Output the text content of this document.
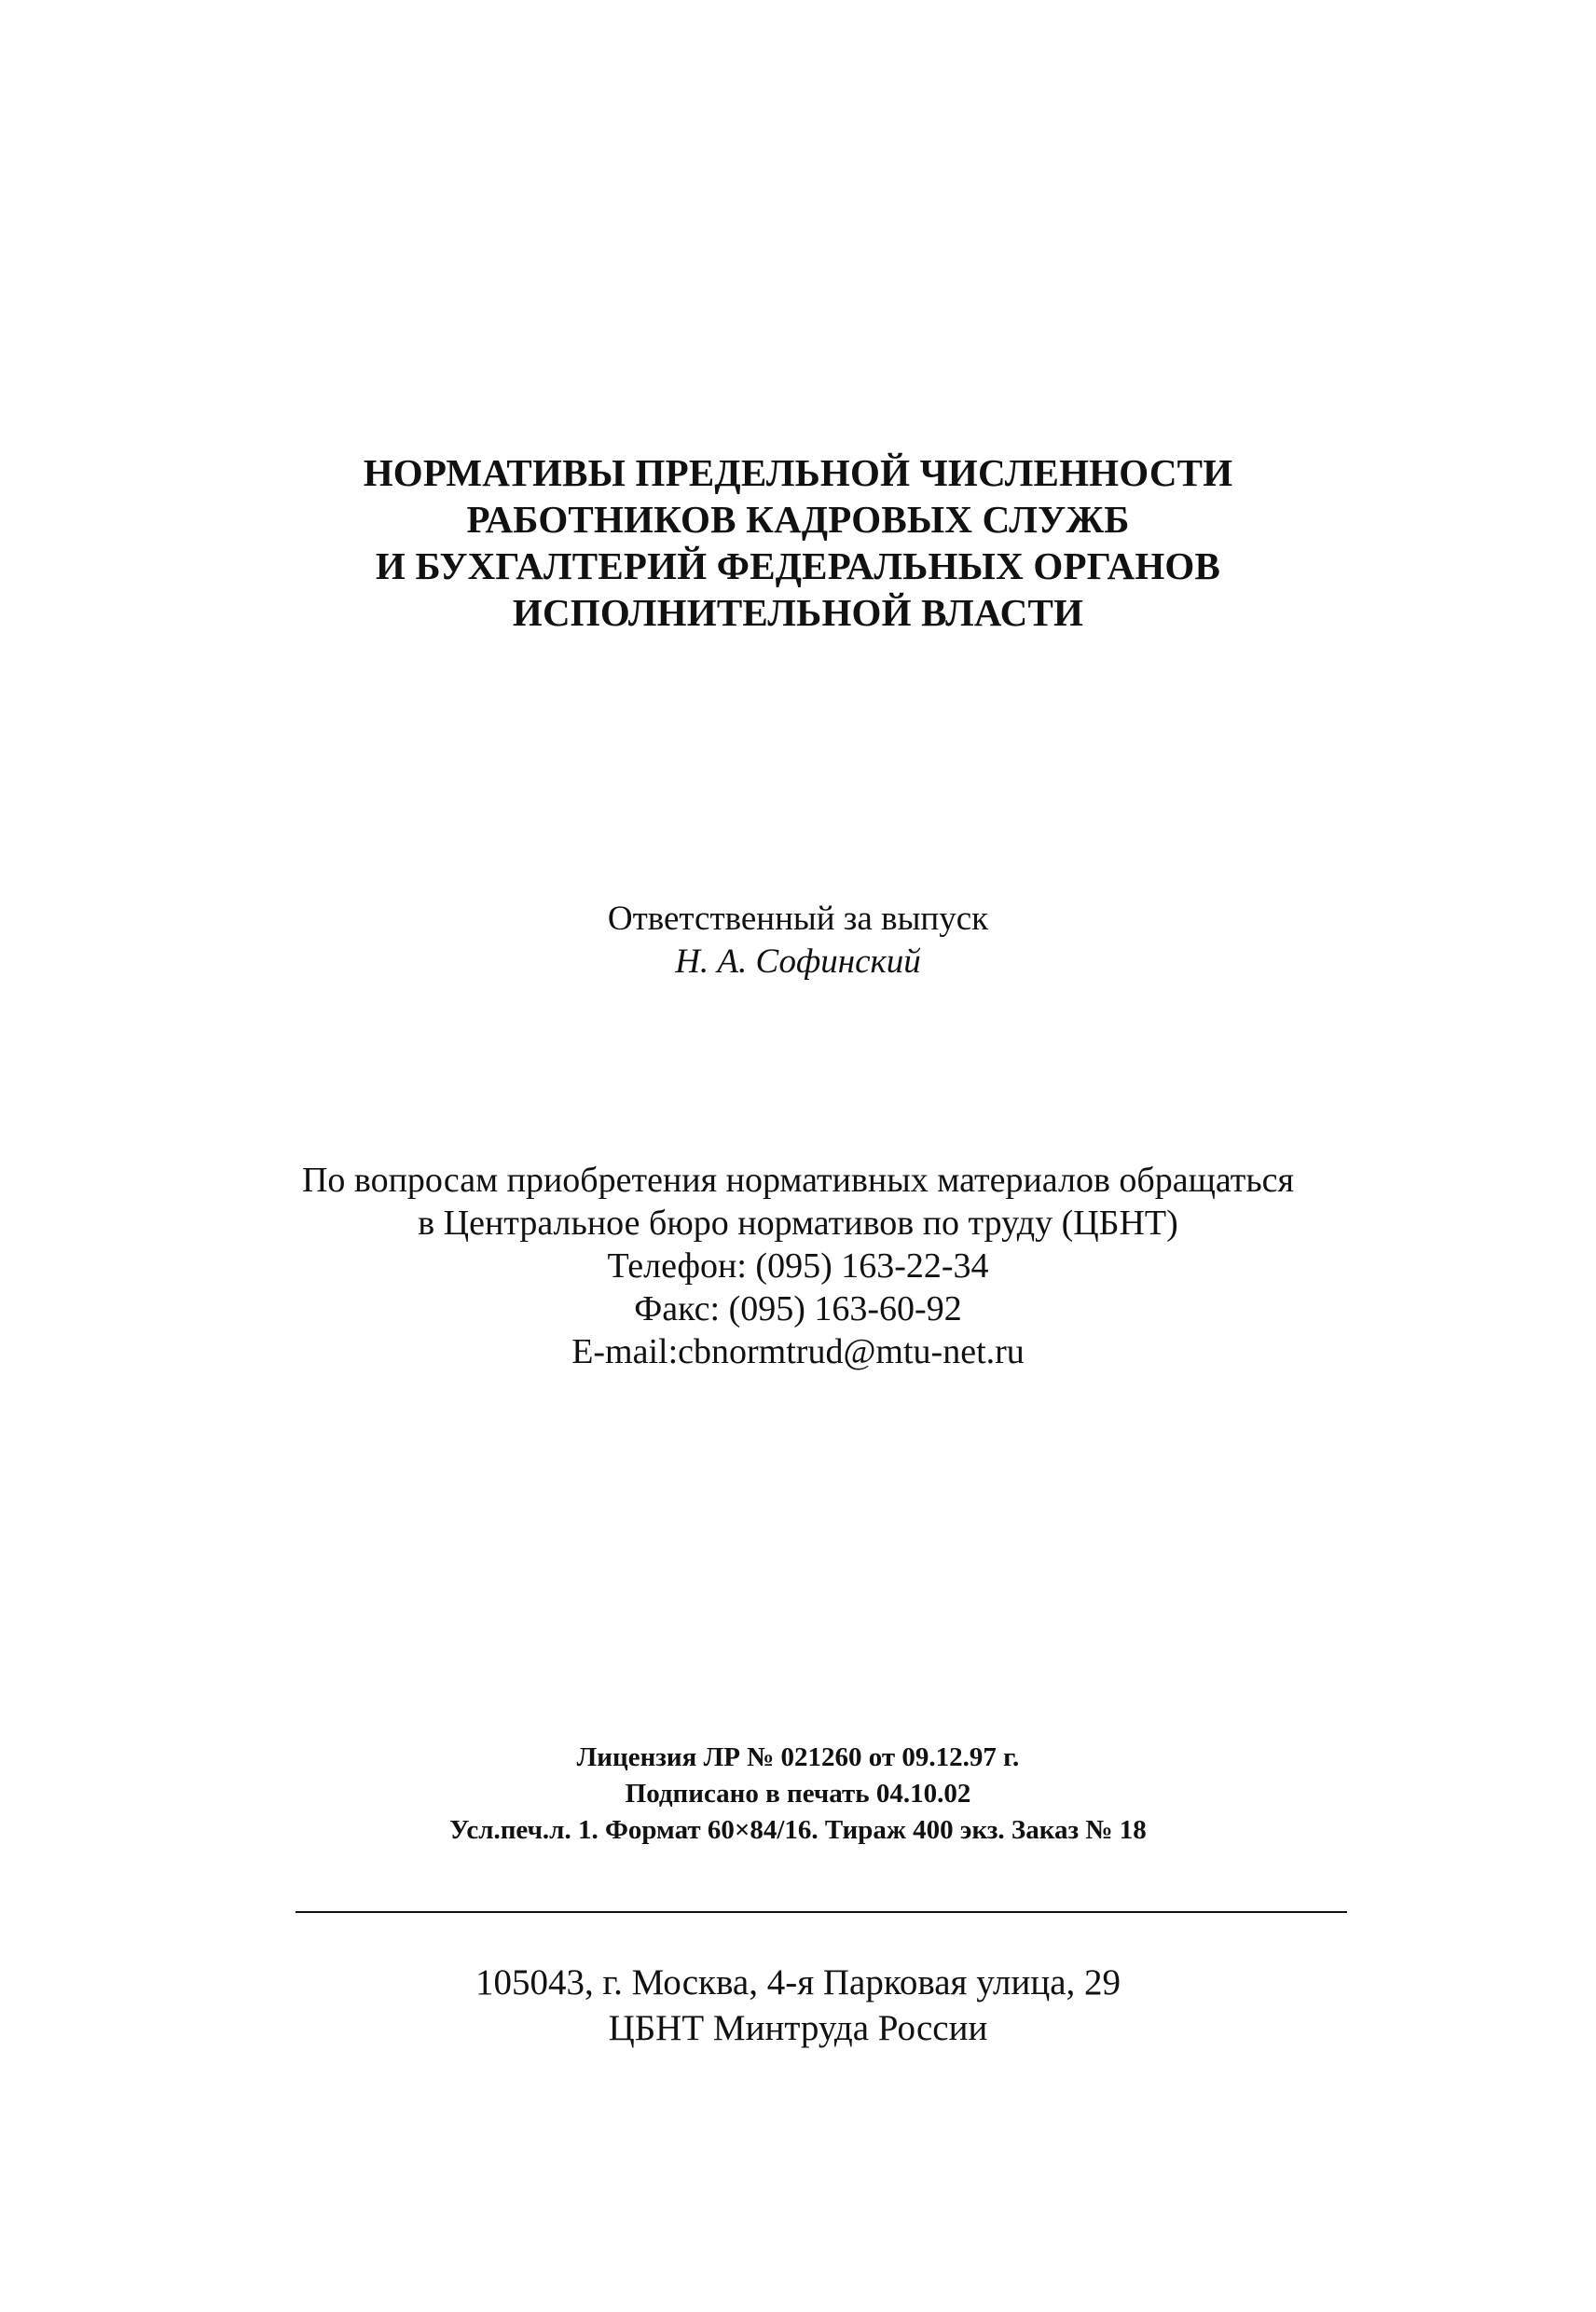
НОРМАТИВЫ ПРЕДЕЛЬНОЙ ЧИСЛЕННОСТИ
РАБОТНИКОВ КАДРОВЫХ СЛУЖБ
И БУХГАЛТЕРИЙ ФЕДЕРАЛЬНЫХ ОРГАНОВ
ИСПОЛНИТЕЛЬНОЙ ВЛАСТИ
Ответственный за выпуск
Н. А. Софинский
По вопросам приобретения нормативных материалов обращаться
в Центральное бюро нормативов по труду (ЦБНТ)
Телефон: (095) 163-22-34
Факс: (095) 163-60-92
E-mail:cbnormtrud@mtu-net.ru
Лицензия ЛР № 021260 от 09.12.97 г.
Подписано в печать 04.10.02
Усл.печ.л. 1. Формат 60×84/16. Тираж 400 экз. Заказ № 18
105043, г. Москва, 4-я Парковая улица, 29
ЦБНТ Минтруда России
